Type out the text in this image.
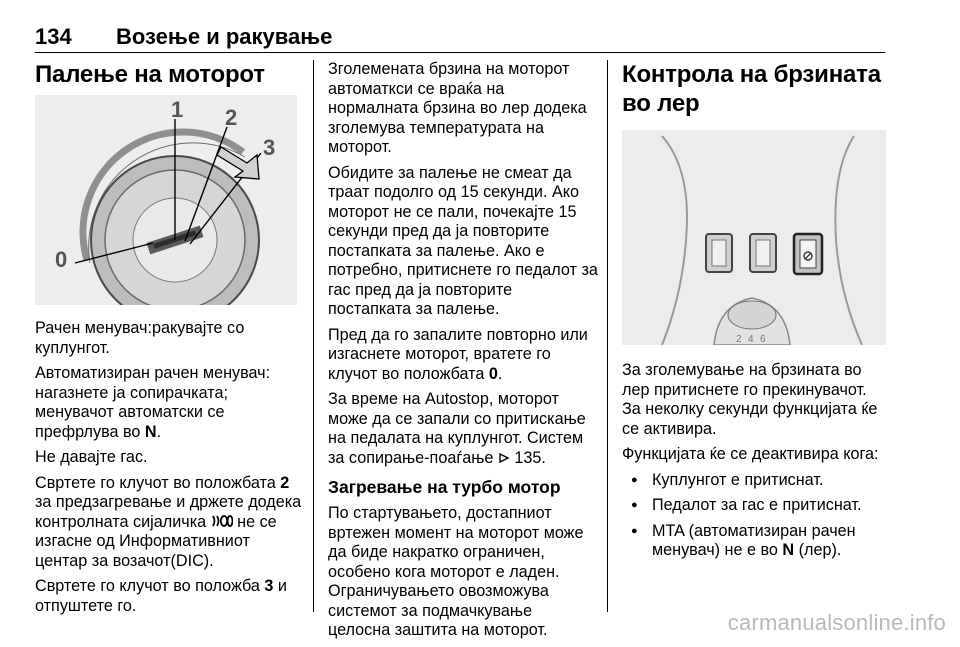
134 Возење и ракување
Палење на моторот
1 2
3
0

Рачен менувач:ракувајте со куплунгот.

Автоматизиран рачен менувач: нагазнете ја сопирачката; менувачот автоматски се префрлува во N.

Не давајте гас.

Свртете го клучот во положбата 2 за предзагревање и држете додека контролната сијаличка  не се изгасне од Информативниот центар за возачот(DIC).

Свртете го клучот во положба 3 и отпуштете го.

Зголемената брзина на моторот автоматкси се враќа на нормалната брзина во лер додека зголемува температурата на моторот.

Обидите за палење не смеат да траат подолго од 15 секунди. Ако моторот не се пали, почекајте 15 секунди пред да ја повторите постапката за палење. Ако е потребно, притиснете го педалот за гас пред да ја повторите постапката за палење.

Пред да го запалите повторно или изгаснете моторот, вратете го клучот во положбата 0.

За време на Autostop, моторот може да се запали со притискање на педалата на куплунгот. Систем за сопирање-поаѓање  135.

Загревање на турбо мотор

По стартувањето, достапниот вртежен момент на моторот може да биде накратко ограничен, особено кога моторот е ладен. Ограничувањето овозможува системот за подмачкување целосна заштита на моторот.

Контрола на брзината во лер
2 4 6

За зголемување на брзината во лер притиснете го прекинувачот. За неколку секунди функцијата ќе се активира.

Функцијата ќе се деактивира кога:

● Куплунгот е притиснат.
● Педалот за гас е притиснат.
● MTA (автоматизиран рачен менувач) не е во N (лер).
carmanualsonline.info
